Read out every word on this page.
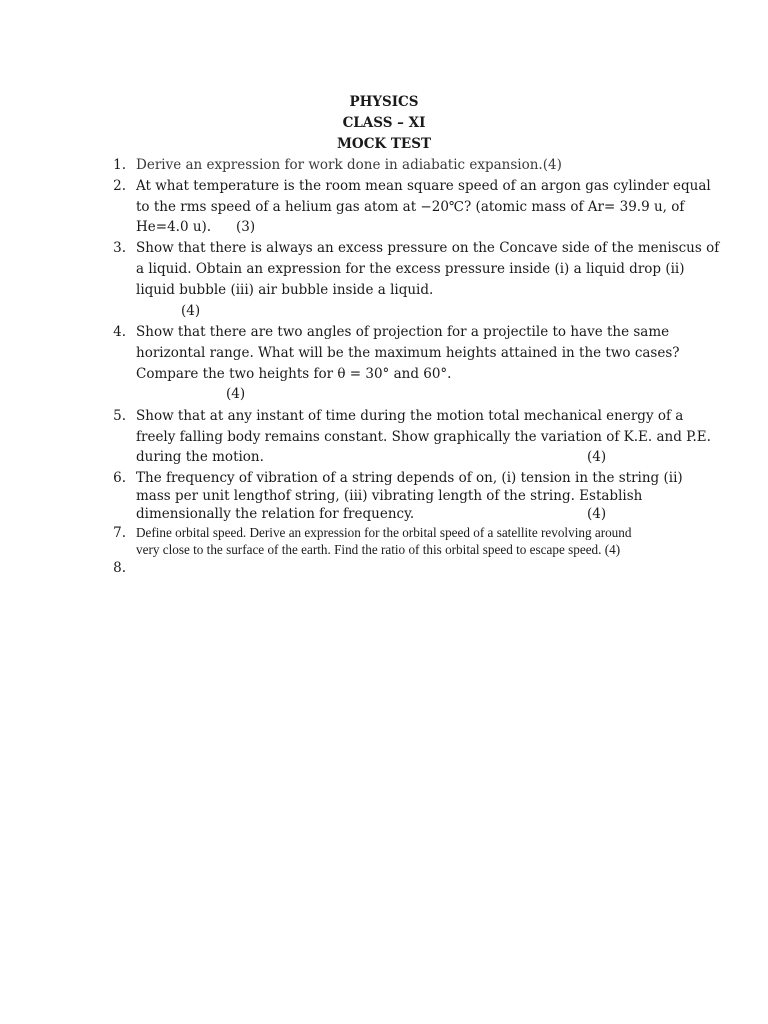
PHYSICS
CLASS – XI
MOCK TEST
1. Derive an expression for work done in adiabatic expansion.(4)
2. At what temperature is the room mean square speed of an argon gas cylinder equal
to the rms speed of a helium gas atom at −20℃? (atomic mass of Ar= 39.9 u, of
He=4.0 u). (3)
3. Show that there is always an excess pressure on the Concave side of the meniscus of
a liquid. Obtain an expression for the excess pressure inside (i) a liquid drop (ii)
liquid bubble (iii) air bubble inside a liquid.
(4)
4. Show that there are two angles of projection for a projectile to have the same
horizontal range. What will be the maximum heights attained in the two cases?
Compare the two heights for θ = 30° and 60°.
(4)
5. Show that at any instant of time during the motion total mechanical energy of a
freely falling body remains constant. Show graphically the variation of K.E. and P.E.
during the motion.	(4)
6. The frequency of vibration of a string depends of on, (i) tension in the string (ii)
mass per unit lengthof string, (iii) vibrating length of the string. Establish
dimensionally the relation for frequency.	(4)
7. Define orbital speed. Derive an expression for the orbital speed of a satellite revolving around
very close to the surface of the earth. Find the ratio of this orbital speed to escape speed. (4)
8.
